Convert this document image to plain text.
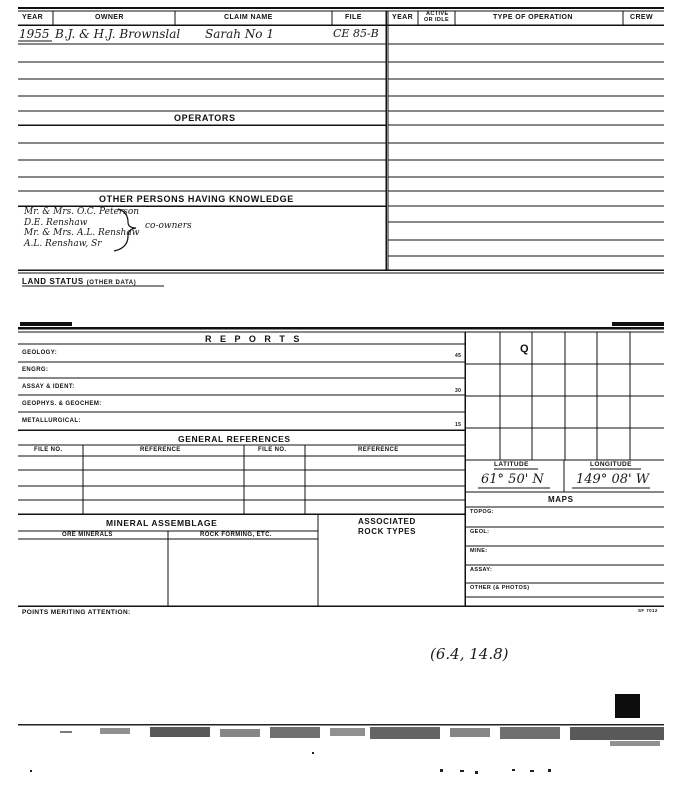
YEAR	OWNER	CLAIM NAME	FILE	YEAR ACTIVE
OR IDLE	TYPE OF OPERATION	CREW
1955 B.J. & H.J. Brownslal Sarah No 1	CE 85-B
OPERATORS
OTHER PERSONS HAVING KNOWLEDGE
Mr. & Mrs. O.C. Peterson
D.E. Renshaw
Mr. & Mrs. A.L. Renshaw
A.L. Renshaw, Sr
co-owners
LAND STATUS (OTHER DATA)
R E P O R T S
GEOLOGY:	45
ENGRG:
ASSAY & IDENT:
30
GEOPHYS. & GEOCHEM:
METALLURGICAL:
15
GENERAL REFERENCES
FILE NO.	REFERENCE	FILE NO.	REFERENCE
MINERAL ASSEMBLAGE
ORE MINERALS	ROCK FORMING, ETC.
ASSOCIATED
ROCK TYPES
Q
LATITUDE	LONGITUDE
61° 50' N 149° 08' W
MAPS
TOPOG:
GEOL:
MINE:
ASSAY:
OTHER (& PHOTOS)
POINTS MERITING ATTENTION:	SF 7012
(6.4, 14.8)
